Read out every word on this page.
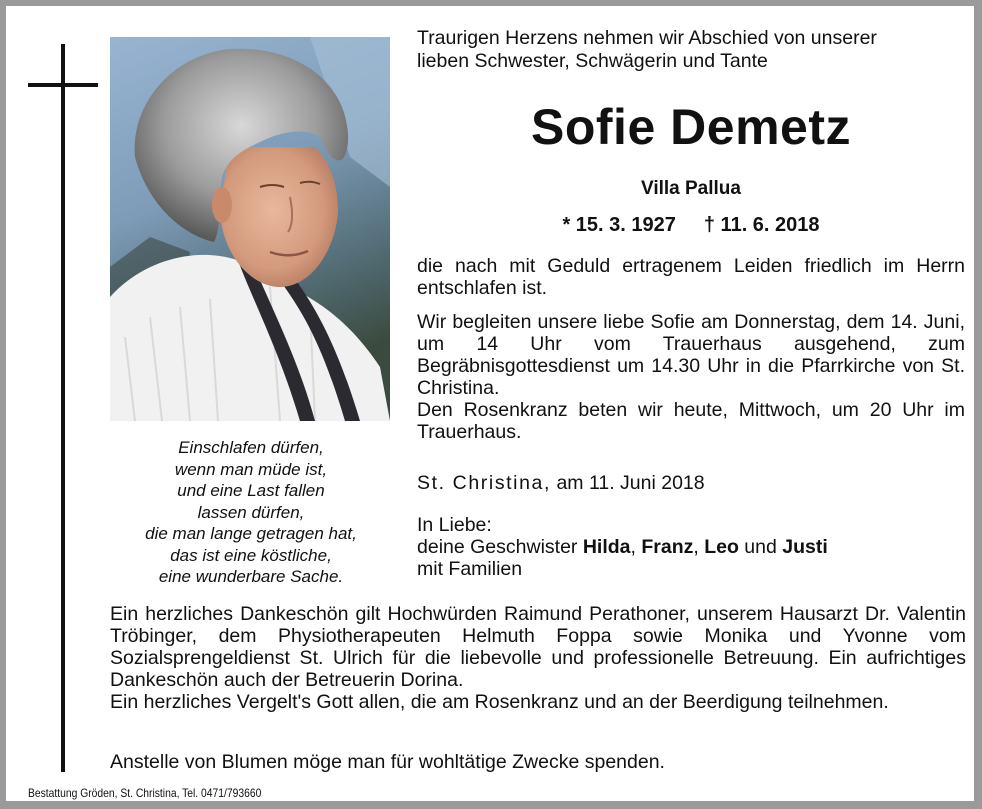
Einschlafen dürfen,
wenn man müde ist,
und eine Last fallen
lassen dürfen,
die man lange getragen hat,
das ist eine köstliche,
eine wunderbare Sache.
Traurigen Herzens nehmen wir Abschied von unserer
lieben Schwester, Schwägerin und Tante
Sofie Demetz
Villa Pallua
* 15. 3. 1927 † 11. 6. 2018
die nach mit Geduld ertragenem Leiden friedlich im Herrn entschlafen ist.
Wir begleiten unsere liebe Sofie am Donnerstag, dem 14. Juni, um 14 Uhr vom Trauerhaus ausgehend, zum Begräbnisgottesdienst um 14.30 Uhr in die Pfarrkirche von St. Christina.
Den Rosenkranz beten wir heute, Mittwoch, um 20 Uhr im Trauerhaus.
St. Christina, am 11. Juni 2018
In Liebe:
deine Geschwister Hilda, Franz, Leo und Justi
mit Familien
Ein herzliches Dankeschön gilt Hochwürden Raimund Perathoner, unserem Hausarzt Dr. Valentin Tröbinger, dem Physiotherapeuten Helmuth Foppa sowie Monika und Yvonne vom Sozialsprengeldienst St. Ulrich für die liebevolle und professionelle Betreuung. Ein aufrichtiges Dankeschön auch der Betreuerin Dorina.
Ein herzliches Vergelt's Gott allen, die am Rosenkranz und an der Beerdigung teilnehmen.
Anstelle von Blumen möge man für wohltätige Zwecke spenden.
Bestattung Gröden, St. Christina, Tel. 0471/793660
